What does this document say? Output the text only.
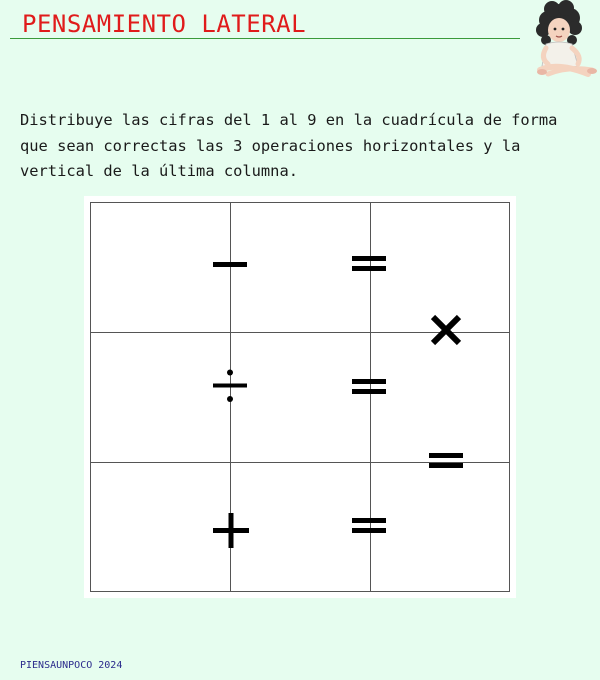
PENSAMIENTO LATERAL

Distribuye las cifras del 1 al 9 en la cuadrícula de forma que sean correctas las 3 operaciones horizontales y la vertical de la última columna.

PIENSAUNPOCO 2024
